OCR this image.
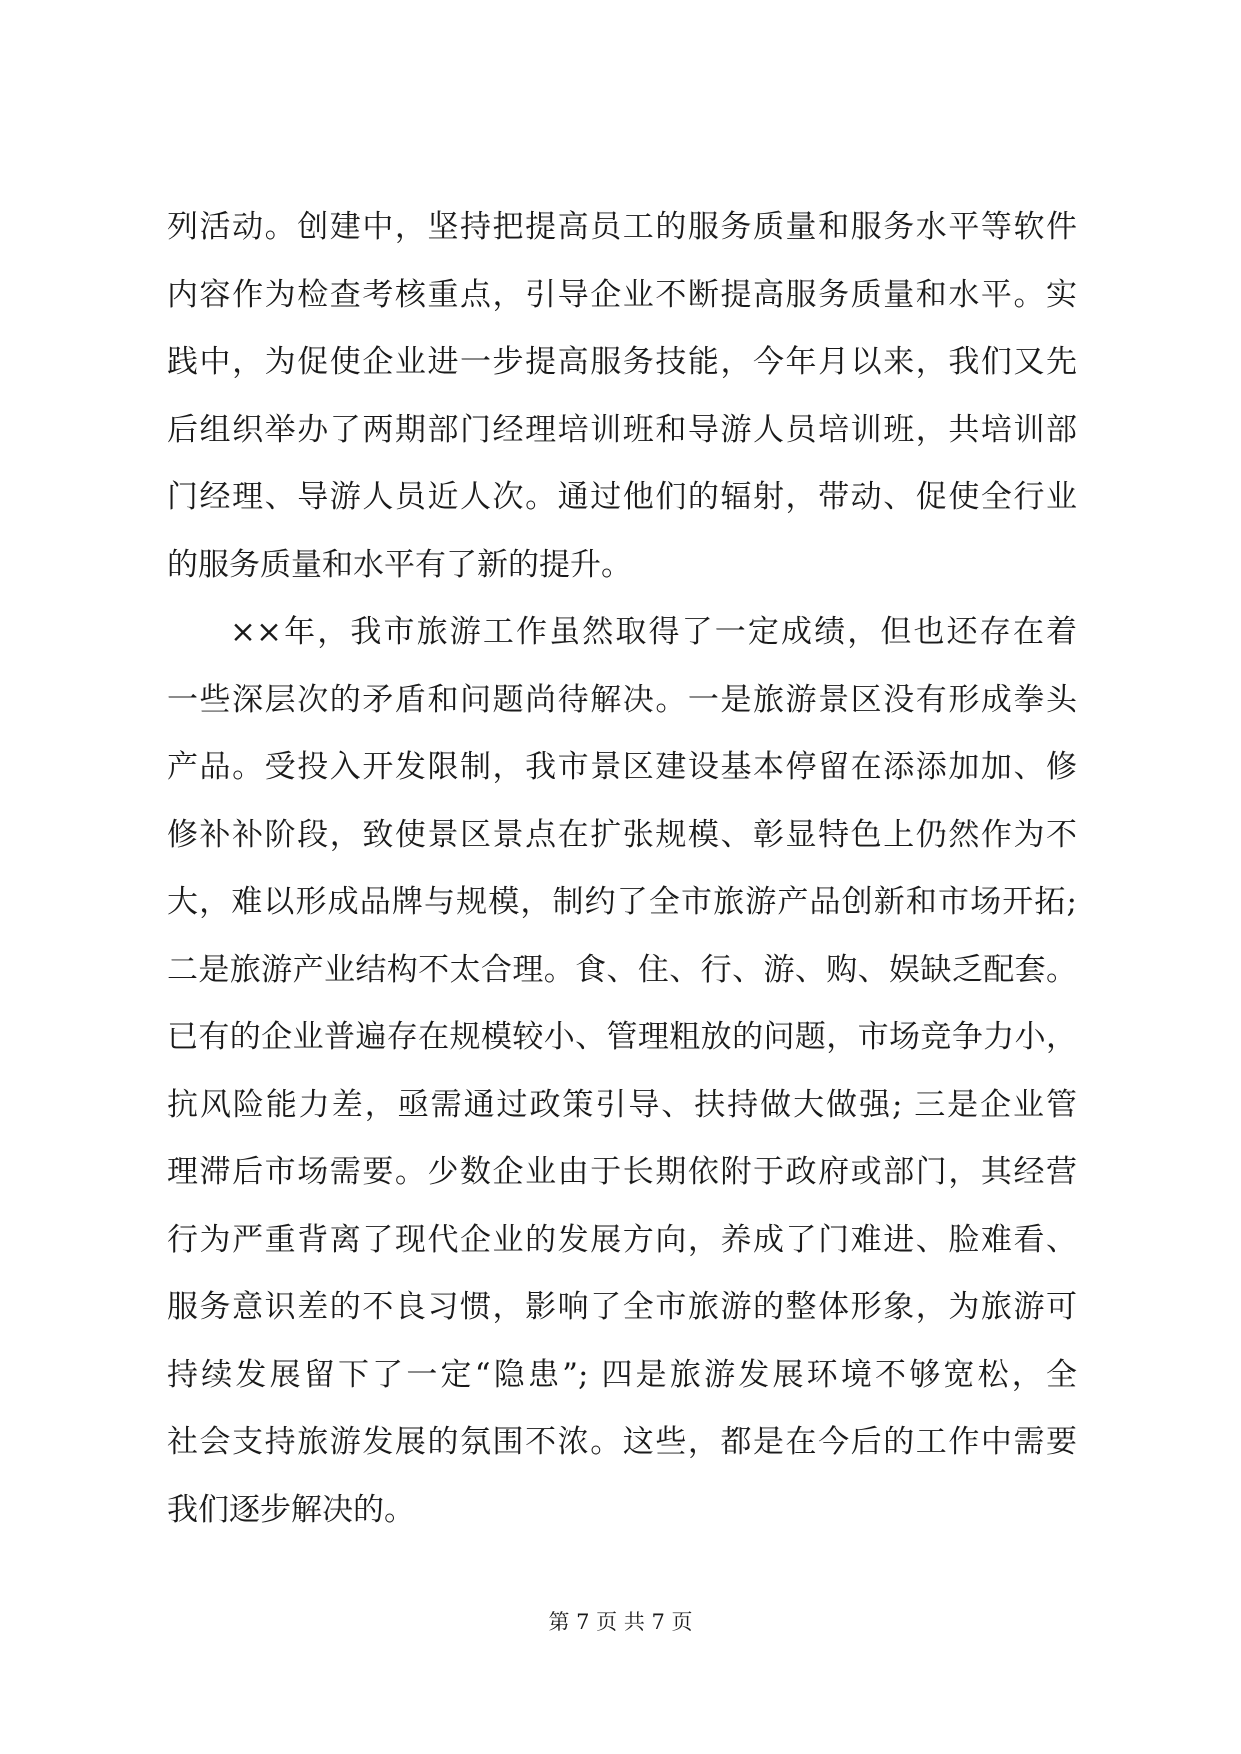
列活动。创建中，坚持把提高员工的服务质量和服务水平等软件
内容作为检查考核重点，引导企业不断提高服务质量和水平。实
践中，为促使企业进一步提高服务技能，今年月以来，我们又先
后组织举办了两期部门经理培训班和导游人员培训班，共培训部
门经理、导游人员近人次。通过他们的辐射，带动、促使全行业
的服务质量和水平有了新的提升。
××年，我市旅游工作虽然取得了一定成绩，但也还存在着
一些深层次的矛盾和问题尚待解决。一是旅游景区没有形成拳头
产品。受投入开发限制，我市景区建设基本停留在添添加加、修
修补补阶段，致使景区景点在扩张规模、彰显特色上仍然作为不
大，难以形成品牌与规模，制约了全市旅游产品创新和市场开拓;
二是旅游产业结构不太合理。食、住、行、游、购、娱缺乏配套。
已有的企业普遍存在规模较小、管理粗放的问题，市场竞争力小，
抗风险能力差，亟需通过政策引导、扶持做大做强; 三是企业管
理滞后市场需要。少数企业由于长期依附于政府或部门，其经营
行为严重背离了现代企业的发展方向，养成了门难进、脸难看、
服务意识差的不良习惯，影响了全市旅游的整体形象，为旅游可
持续发展留下了一定“隐患”; 四是旅游发展环境不够宽松，全
社会支持旅游发展的氛围不浓。这些，都是在今后的工作中需要
我们逐步解决的。
第 7 页 共 7 页
